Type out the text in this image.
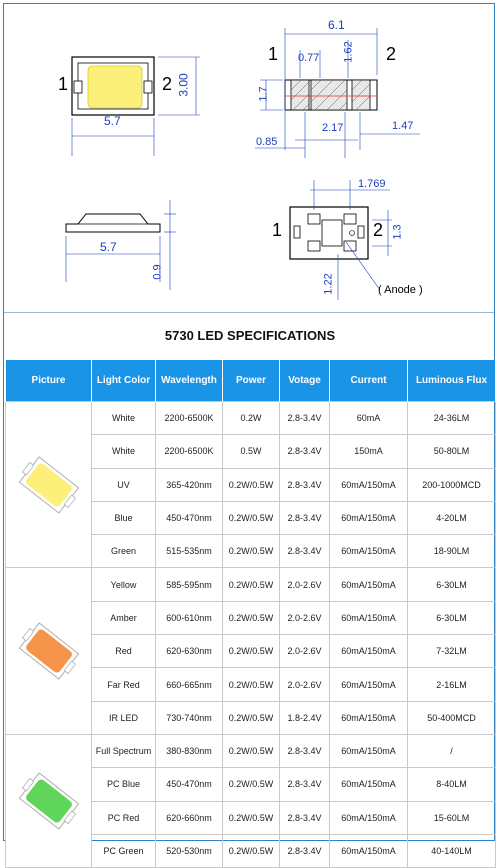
1	2
5.7
3.00
6.1
0.77 1.62
1.7
1	2
2.17	1.47
0.85
5.7
0.9
1	2
1.769
1.3
1.22	( Anode )
5730 LED SPECIFICATIONS
Picture	Light Color	Wavelength	Power	Votage	Current	Luminous Flux

	White	2200-6500K	0.2W	2.8-3.4V	60mA	24-36LM
	White	2200-6500K	0.5W	2.8-3.4V	150mA	50-80LM
	UV	365-420nm	0.2W/0.5W	2.8-3.4V	60mA/150mA	200-1000MCD
	Blue	450-470nm	0.2W/0.5W	2.8-3.4V	60mA/150mA	4-20LM
	Green	515-535nm	0.2W/0.5W	2.8-3.4V	60mA/150mA	18-90LM

	Yellow	585-595nm	0.2W/0.5W	2.0-2.6V	60mA/150mA	6-30LM
	Amber	600-610nm	0.2W/0.5W	2.0-2.6V	60mA/150mA	6-30LM
	Red	620-630nm	0.2W/0.5W	2.0-2.6V	60mA/150mA	7-32LM
	Far Red	660-665nm	0.2W/0.5W	2.0-2.6V	60mA/150mA	2-16LM
	IR LED	730-740nm	0.2W/0.5W	1.8-2.4V	60mA/150mA	50-400MCD

	Full Spectrum	380-830nm	0.2W/0.5W	2.8-3.4V	60mA/150mA	/
	PC Blue	450-470nm	0.2W/0.5W	2.8-3.4V	60mA/150mA	8-40LM
	PC Red	620-660nm	0.2W/0.5W	2.8-3.4V	60mA/150mA	15-60LM
	PC Green	520-530nm	0.2W/0.5W	2.8-3.4V	60mA/150mA	40-140LM
